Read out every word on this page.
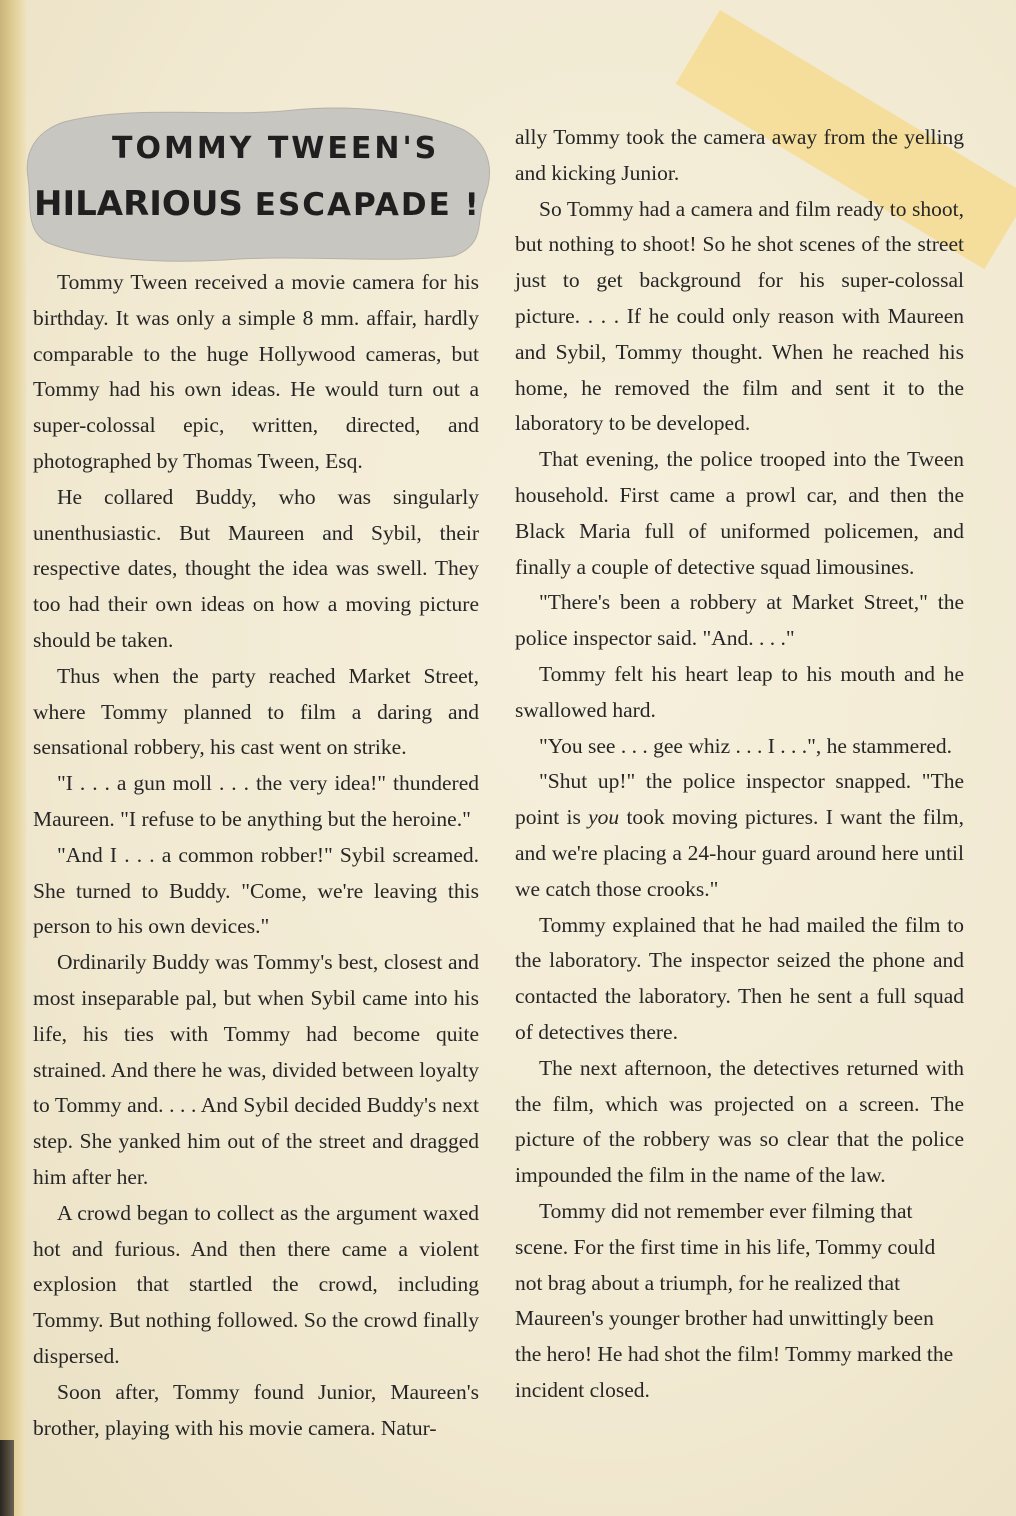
TOMMY TWEEN'S
HILARIOUS ESCAPADE !

Tommy Tween received a movie camera for his birthday. It was only a simple 8 mm. affair, hardly comparable to the huge Hollywood cameras, but Tommy had his own ideas. He would turn out a super-colossal epic, written, directed, and photographed by Thomas Tween, Esq.

He collared Buddy, who was singularly unenthusiastic. But Maureen and Sybil, their respective dates, thought the idea was swell. They too had their own ideas on how a moving picture should be taken.

Thus when the party reached Market Street, where Tommy planned to film a daring and sensational robbery, his cast went on strike.

"I . . . a gun moll . . . the very idea!" thundered Maureen. "I refuse to be anything but the heroine."

"And I . . . a common robber!" Sybil screamed. She turned to Buddy. "Come, we're leaving this person to his own devices."

Ordinarily Buddy was Tommy's best, closest and most inseparable pal, but when Sybil came into his life, his ties with Tommy had become quite strained. And there he was, divided between loyalty to Tommy and. . . . And Sybil decided Buddy's next step. She yanked him out of the street and dragged him after her.

A crowd began to collect as the argument waxed hot and furious. And then there came a violent explosion that startled the crowd, including Tommy. But nothing followed. So the crowd finally dispersed.

Soon after, Tommy found Junior, Maureen's brother, playing with his movie camera. Natur-

ally Tommy took the camera away from the yelling and kicking Junior.

So Tommy had a camera and film ready to shoot, but nothing to shoot! So he shot scenes of the street just to get background for his super-colossal picture. . . . If he could only reason with Maureen and Sybil, Tommy thought. When he reached his home, he removed the film and sent it to the laboratory to be developed.

That evening, the police trooped into the Tween household. First came a prowl car, and then the Black Maria full of uniformed policemen, and finally a couple of detective squad limousines.

"There's been a robbery at Market Street," the police inspector said. "And. . . ."

Tommy felt his heart leap to his mouth and he swallowed hard.

"You see . . . gee whiz . . . I . . .", he stammered.

"Shut up!" the police inspector snapped. "The point is you took moving pictures. I want the film, and we're placing a 24-hour guard around here until we catch those crooks."

Tommy explained that he had mailed the film to the laboratory. The inspector seized the phone and contacted the laboratory. Then he sent a full squad of detectives there.

The next afternoon, the detectives returned with the film, which was projected on a screen. The picture of the robbery was so clear that the police impounded the film in the name of the law.

Tommy did not remember ever filming that scene. For the first time in his life, Tommy could not brag about a triumph, for he realized that Maureen's younger brother had unwittingly been the hero! He had shot the film! Tommy marked the incident closed.
